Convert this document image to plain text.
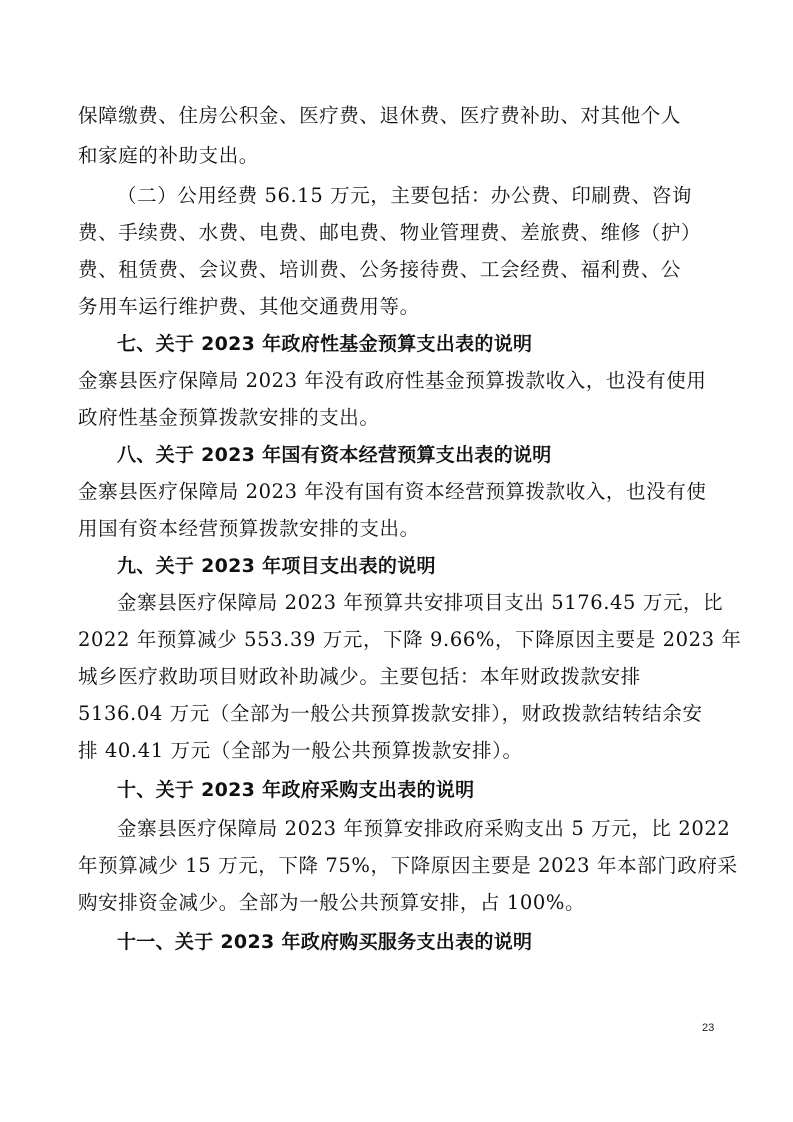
保障缴费、住房公积金、医疗费、退休费、医疗费补助、对其他个人
和家庭的补助支出。
（二）公用经费 56.15 万元，主要包括：办公费、印刷费、咨询
费、手续费、水费、电费、邮电费、物业管理费、差旅费、维修（护）
费、租赁费、会议费、培训费、公务接待费、工会经费、福利费、公
务用车运行维护费、其他交通费用等。
七、关于 2023 年政府性基金预算支出表的说明
金寨县医疗保障局 2023 年没有政府性基金预算拨款收入，也没有使用
政府性基金预算拨款安排的支出。
八、关于 2023 年国有资本经营预算支出表的说明
金寨县医疗保障局 2023 年没有国有资本经营预算拨款收入，也没有使
用国有资本经营预算拨款安排的支出。
九、关于 2023 年项目支出表的说明
金寨县医疗保障局 2023 年预算共安排项目支出 5176.45 万元，比
2022 年预算减少 553.39 万元，下降 9.66%，下降原因主要是 2023 年
城乡医疗救助项目财政补助减少。主要包括：本年财政拨款安排
5136.04 万元（全部为一般公共预算拨款安排），财政拨款结转结余安
排 40.41 万元（全部为一般公共预算拨款安排）。
十、关于 2023 年政府采购支出表的说明
金寨县医疗保障局 2023 年预算安排政府采购支出 5 万元，比 2022
年预算减少 15 万元，下降 75%，下降原因主要是 2023 年本部门政府采
购安排资金减少。全部为一般公共预算安排，占 100%。
十一、关于 2023 年政府购买服务支出表的说明
23
